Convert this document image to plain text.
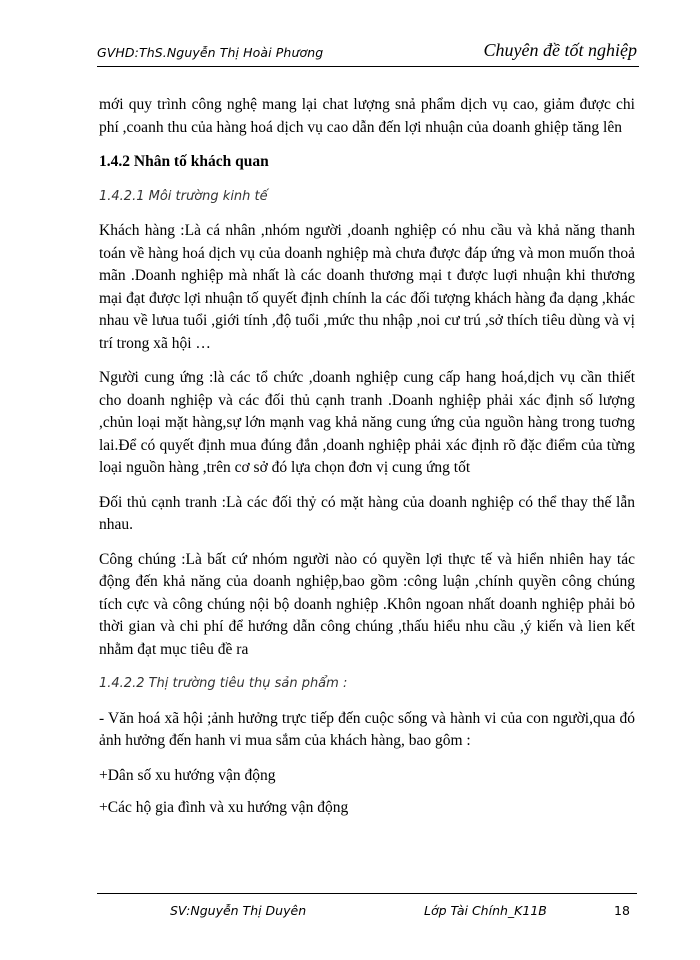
GVHD:ThS.Nguyễn Thị Hoài Phương	Chuyên đề tốt nghiệp

mới quy trình công nghệ mang lại chat lượng snả phẩm dịch vụ cao, giảm được chi phí ,coanh thu của hàng hoá dịch vụ cao dẫn đến lợi nhuận của doanh ghiệp tăng lên

1.4.2 Nhân tố khách quan

1.4.2.1 Môi trường kinh tế

Khách hàng :Là cá nhân ,nhóm người ,doanh nghiệp có nhu cầu và khả năng thanh toán về hàng hoá dịch vụ của doanh nghiệp mà chưa được đáp ứng và mon muốn thoả mãn .Doanh nghiệp mà nhất là các doanh thương mại t được luợi nhuận khi thương mại đạt được lợi nhuận tố quyết định chính la các đối tượng khách hàng đa dạng ,khác nhau về lưua tuổi ,giới tính ,độ tuổi ,mức thu nhập ,noi cư trú ,sở thích tiêu dùng và vị trí trong xã hội …

Người cung ứng :là các tổ chức ,doanh nghiệp cung cấp hang hoá,dịch vụ cần thiết cho doanh nghiệp và các đối thủ cạnh tranh .Doanh nghiệp phải xác định số lượng ,chủn loại mặt hàng,sự lớn mạnh vag khả năng cung ứng của nguồn hàng trong tuơng lai.Để có quyết định mua đúng đắn ,doanh nghiệp phải xác định rõ đặc điểm của từng loại nguồn hàng ,trên cơ sở đó lựa chọn đơn vị cung ứng tốt

Đối thủ cạnh tranh :Là các đối thỷ có mặt hàng của doanh nghiệp có thể thay thế lẫn nhau.

Công chúng :Là bất cứ nhóm người nào có quyền lợi thực tế và hiển nhiên hay tác động đến khả năng của doanh nghiệp,bao gồm :công luận ,chính quyền công chúng tích cực và công chúng nội bộ doanh nghiệp .Khôn ngoan nhất doanh nghiệp phải bỏ thời gian và chi phí để hướng dẫn công chúng ,thấu hiểu nhu cầu ,ý kiến và lien kết nhằm đạt mục tiêu đề ra

1.4.2.2 Thị trường tiêu thụ sản phẩm :

- Văn hoá xã hội ;ảnh hưởng trực tiếp đến cuộc sống và hành vi của con người,qua đó ảnh hưởng đến hanh vi mua sắm của khách hàng, bao gôm :

+Dân số xu hướng vận động

+Các hộ gia đình và xu hướng vận động

SV:Nguyễn Thị Duyên	Lớp Tài Chính_K11B	18
